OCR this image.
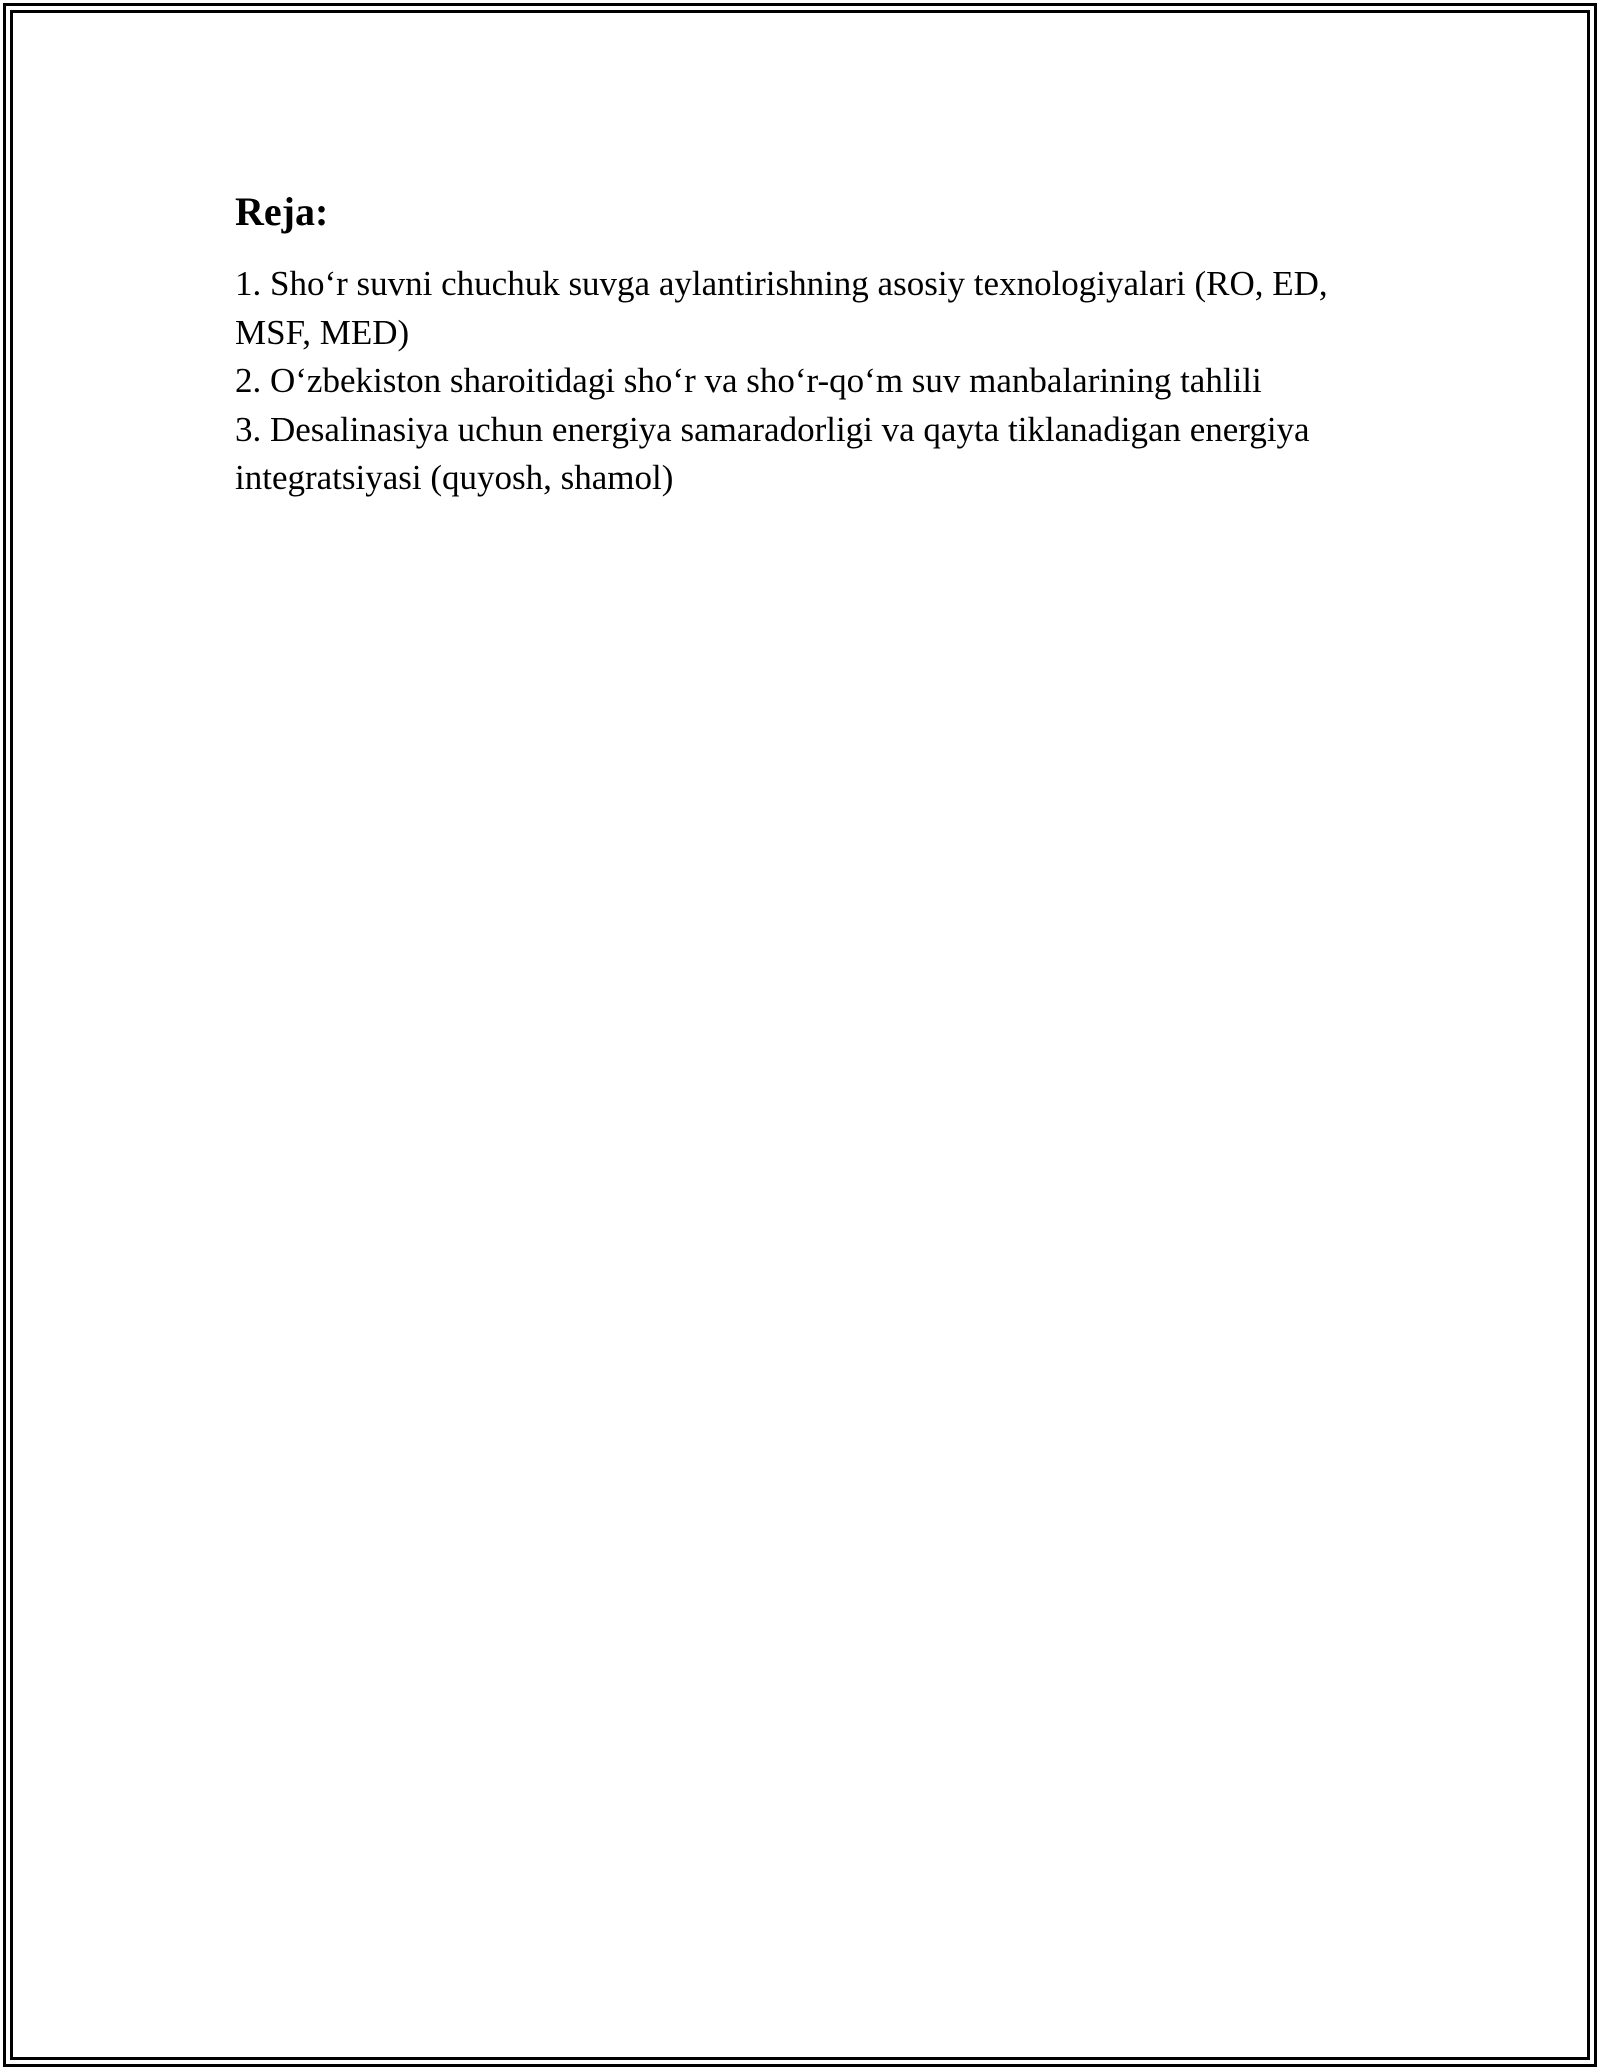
Reja:
1. Sho‘r suvni chuchuk suvga aylantirishning asosiy texnologiyalari (RO, ED, MSF, MED)
2. O‘zbekiston sharoitidagi sho‘r va sho‘r-qo‘m suv manbalarining tahlili
3. Desalinasiya uchun energiya samaradorligi va qayta tiklanadigan energiya integratsiyasi (quyosh, shamol)
